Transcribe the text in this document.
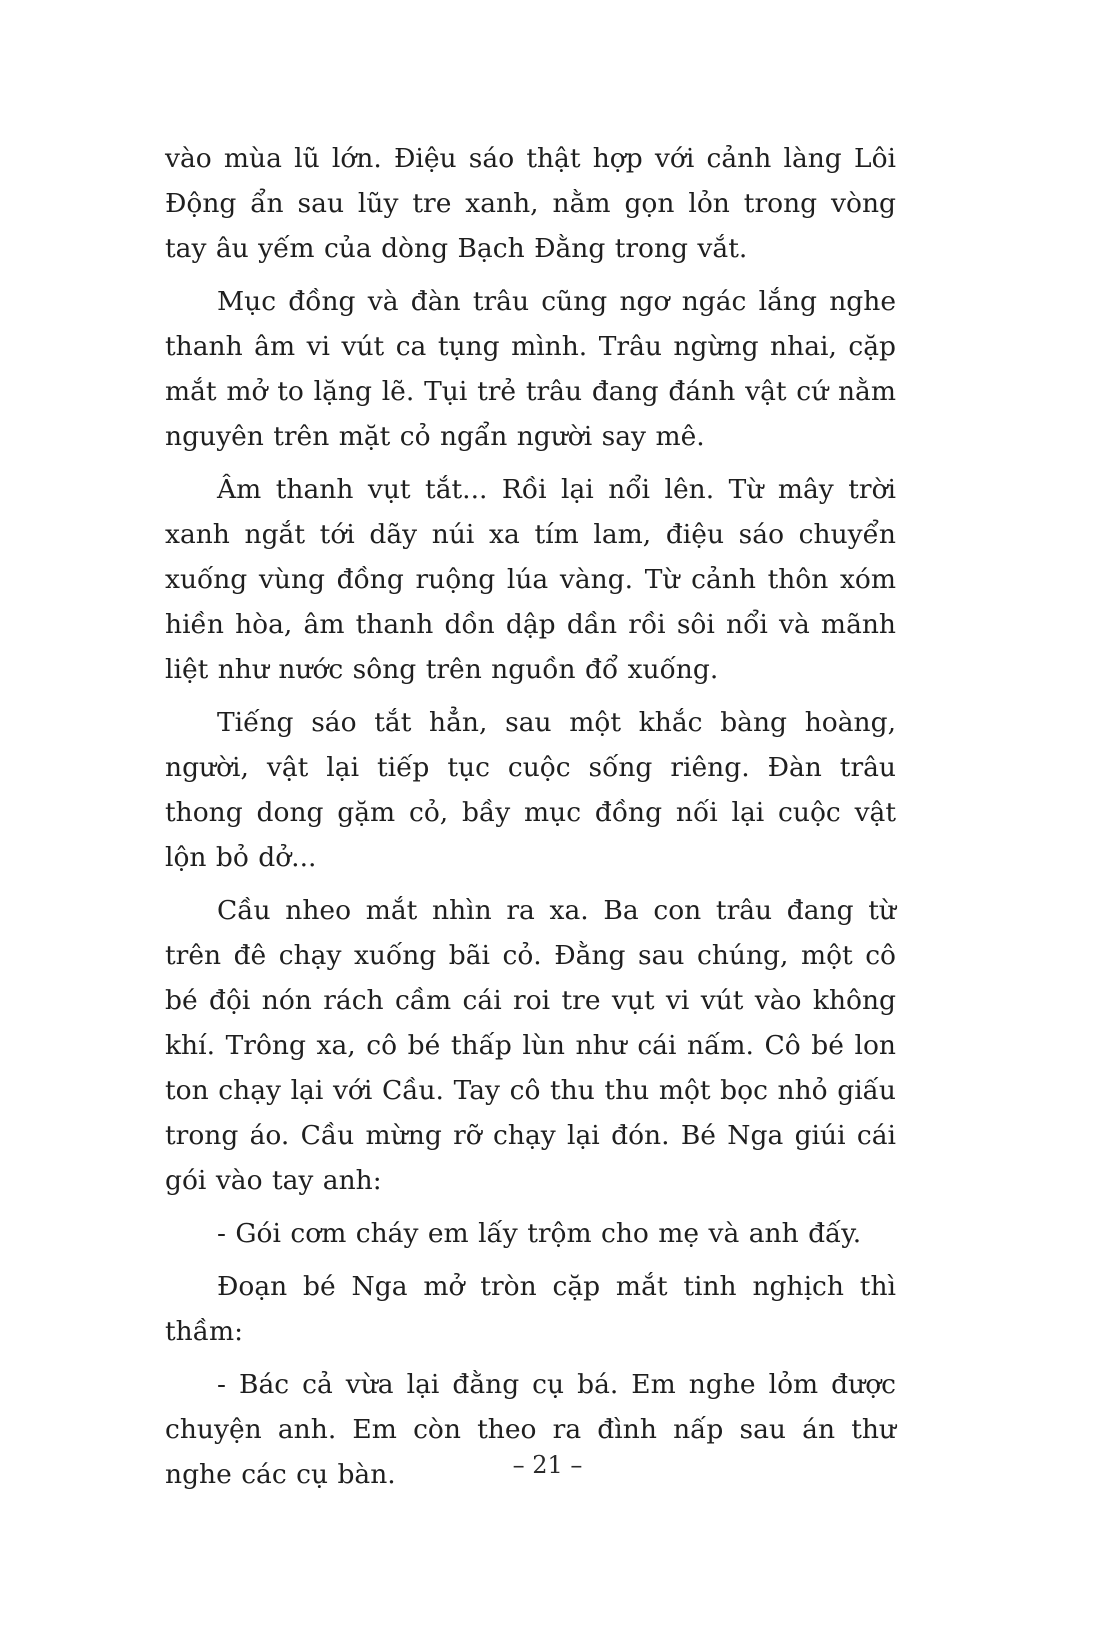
vào mùa lũ lớn. Điệu sáo thật hợp với cảnh làng Lôi Động ẩn sau lũy tre xanh, nằm gọn lỏn trong vòng tay âu yếm của dòng Bạch Đằng trong vắt.

Mục đồng và đàn trâu cũng ngơ ngác lắng nghe thanh âm vi vút ca tụng mình. Trâu ngừng nhai, cặp mắt mở to lặng lẽ. Tụi trẻ trâu đang đánh vật cứ nằm nguyên trên mặt cỏ ngẩn người say mê.

Âm thanh vụt tắt... Rồi lại nổi lên. Từ mây trời xanh ngắt tới dãy núi xa tím lam, điệu sáo chuyển xuống vùng đồng ruộng lúa vàng. Từ cảnh thôn xóm hiền hòa, âm thanh dồn dập dần rồi sôi nổi và mãnh liệt như nước sông trên nguồn đổ xuống.

Tiếng sáo tắt hẳn, sau một khắc bàng hoàng, người, vật lại tiếp tục cuộc sống riêng. Đàn trâu thong dong gặm cỏ, bầy mục đồng nối lại cuộc vật lộn bỏ dở...

Cầu nheo mắt nhìn ra xa. Ba con trâu đang từ trên đê chạy xuống bãi cỏ. Đằng sau chúng, một cô bé đội nón rách cầm cái roi tre vụt vi vút vào không khí. Trông xa, cô bé thấp lùn như cái nấm. Cô bé lon ton chạy lại với Cầu. Tay cô thu thu một bọc nhỏ giấu trong áo. Cầu mừng rỡ chạy lại đón. Bé Nga giúi cái gói vào tay anh:

- Gói cơm cháy em lấy trộm cho mẹ và anh đấy.

Đoạn bé Nga mở tròn cặp mắt tinh nghịch thì thầm:

- Bác cả vừa lại đằng cụ bá. Em nghe lỏm được chuyện anh. Em còn theo ra đình nấp sau án thư nghe các cụ bàn.	– 21 –
